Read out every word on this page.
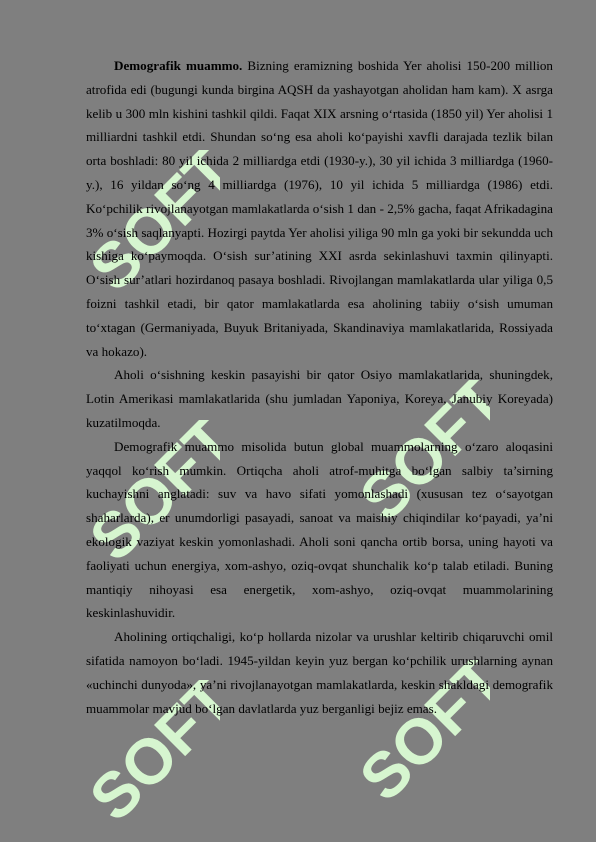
SOFT
SOFT
SOFT
SOFT
SOFT

Demografik muammo. Bizning eramizning boshida Yer aholisi 150-200 million atrofida edi (bugungi kunda birgina AQSH da yashayotgan aholidan ham kam). X asrga kelib u 300 mln kishini tashkil qildi. Faqat XIX arsning o‘rtasida (1850 yil) Yer aholisi 1 milliardni tashkil etdi. Shundan so‘ng esa aholi ko‘payishi xavfli darajada tezlik bilan orta boshladi: 80 yil ichida 2 milliardga etdi (1930-y.), 30 yil ichida 3 milliardga (1960-y.), 16 yildan so‘ng 4 milliardga (1976), 10 yil ichida 5 milliardga (1986) etdi. Ko‘pchilik rivojlanayotgan mamlakatlarda o‘sish 1 dan - 2,5% gacha, faqat Afrikadagina 3% o‘sish saqlanyapti. Hozirgi paytda Yer aholisi yiliga 90 mln ga yoki bir sekundda uch kishiga ko‘paymoqda. O‘sish sur’atining XXI asrda sekinlashuvi taxmin qilinyapti. O‘sish sur’atlari hozirdanoq pasaya boshladi. Rivojlangan mamlakatlarda ular yiliga 0,5 foizni tashkil etadi, bir qator mamlakatlarda esa aholining tabiiy o‘sish umuman to‘xtagan (Germaniyada, Buyuk Britaniyada, Skandinaviya mamlakatlarida, Rossiyada va hokazo).

Aholi o‘sishning keskin pasayishi bir qator Osiyo mamlakatlarida, shuningdek, Lotin Amerikasi mamlakatlarida (shu jumladan Yaponiya, Koreya, Janubiy Koreyada) kuzatilmoqda.

Demografik muammo misolida butun global muammolarning o‘zaro aloqasini yaqqol ko‘rish mumkin. Ortiqcha aholi atrof-muhitga bo‘lgan salbiy ta’sirning kuchayishni anglatadi: suv va havo sifati yomonlashadi (xususan tez o‘sayotgan shaharlarda), er unumdorligi pasayadi, sanoat va maishiy chiqindilar ko‘payadi, ya’ni ekologik vaziyat keskin yomonlashadi. Aholi soni qancha ortib borsa, uning hayoti va faoliyati uchun energiya, xom-ashyo, oziq-ovqat shunchalik ko‘p talab etiladi. Buning mantiqiy nihoyasi esa energetik, xom-ashyo, oziq-ovqat muammolarining keskinlashuvidir.

Aholining ortiqchaligi, ko‘p hollarda nizolar va urushlar keltirib chiqaruvchi omil sifatida namoyon bo‘ladi. 1945-yildan keyin yuz bergan ko‘pchilik urushlarning aynan «uchinchi dunyoda», ya’ni rivojlanayotgan mamlakatlarda, keskin shakldagi demografik muammolar mavjud bo‘lgan davlatlarda yuz berganligi bejiz emas.
